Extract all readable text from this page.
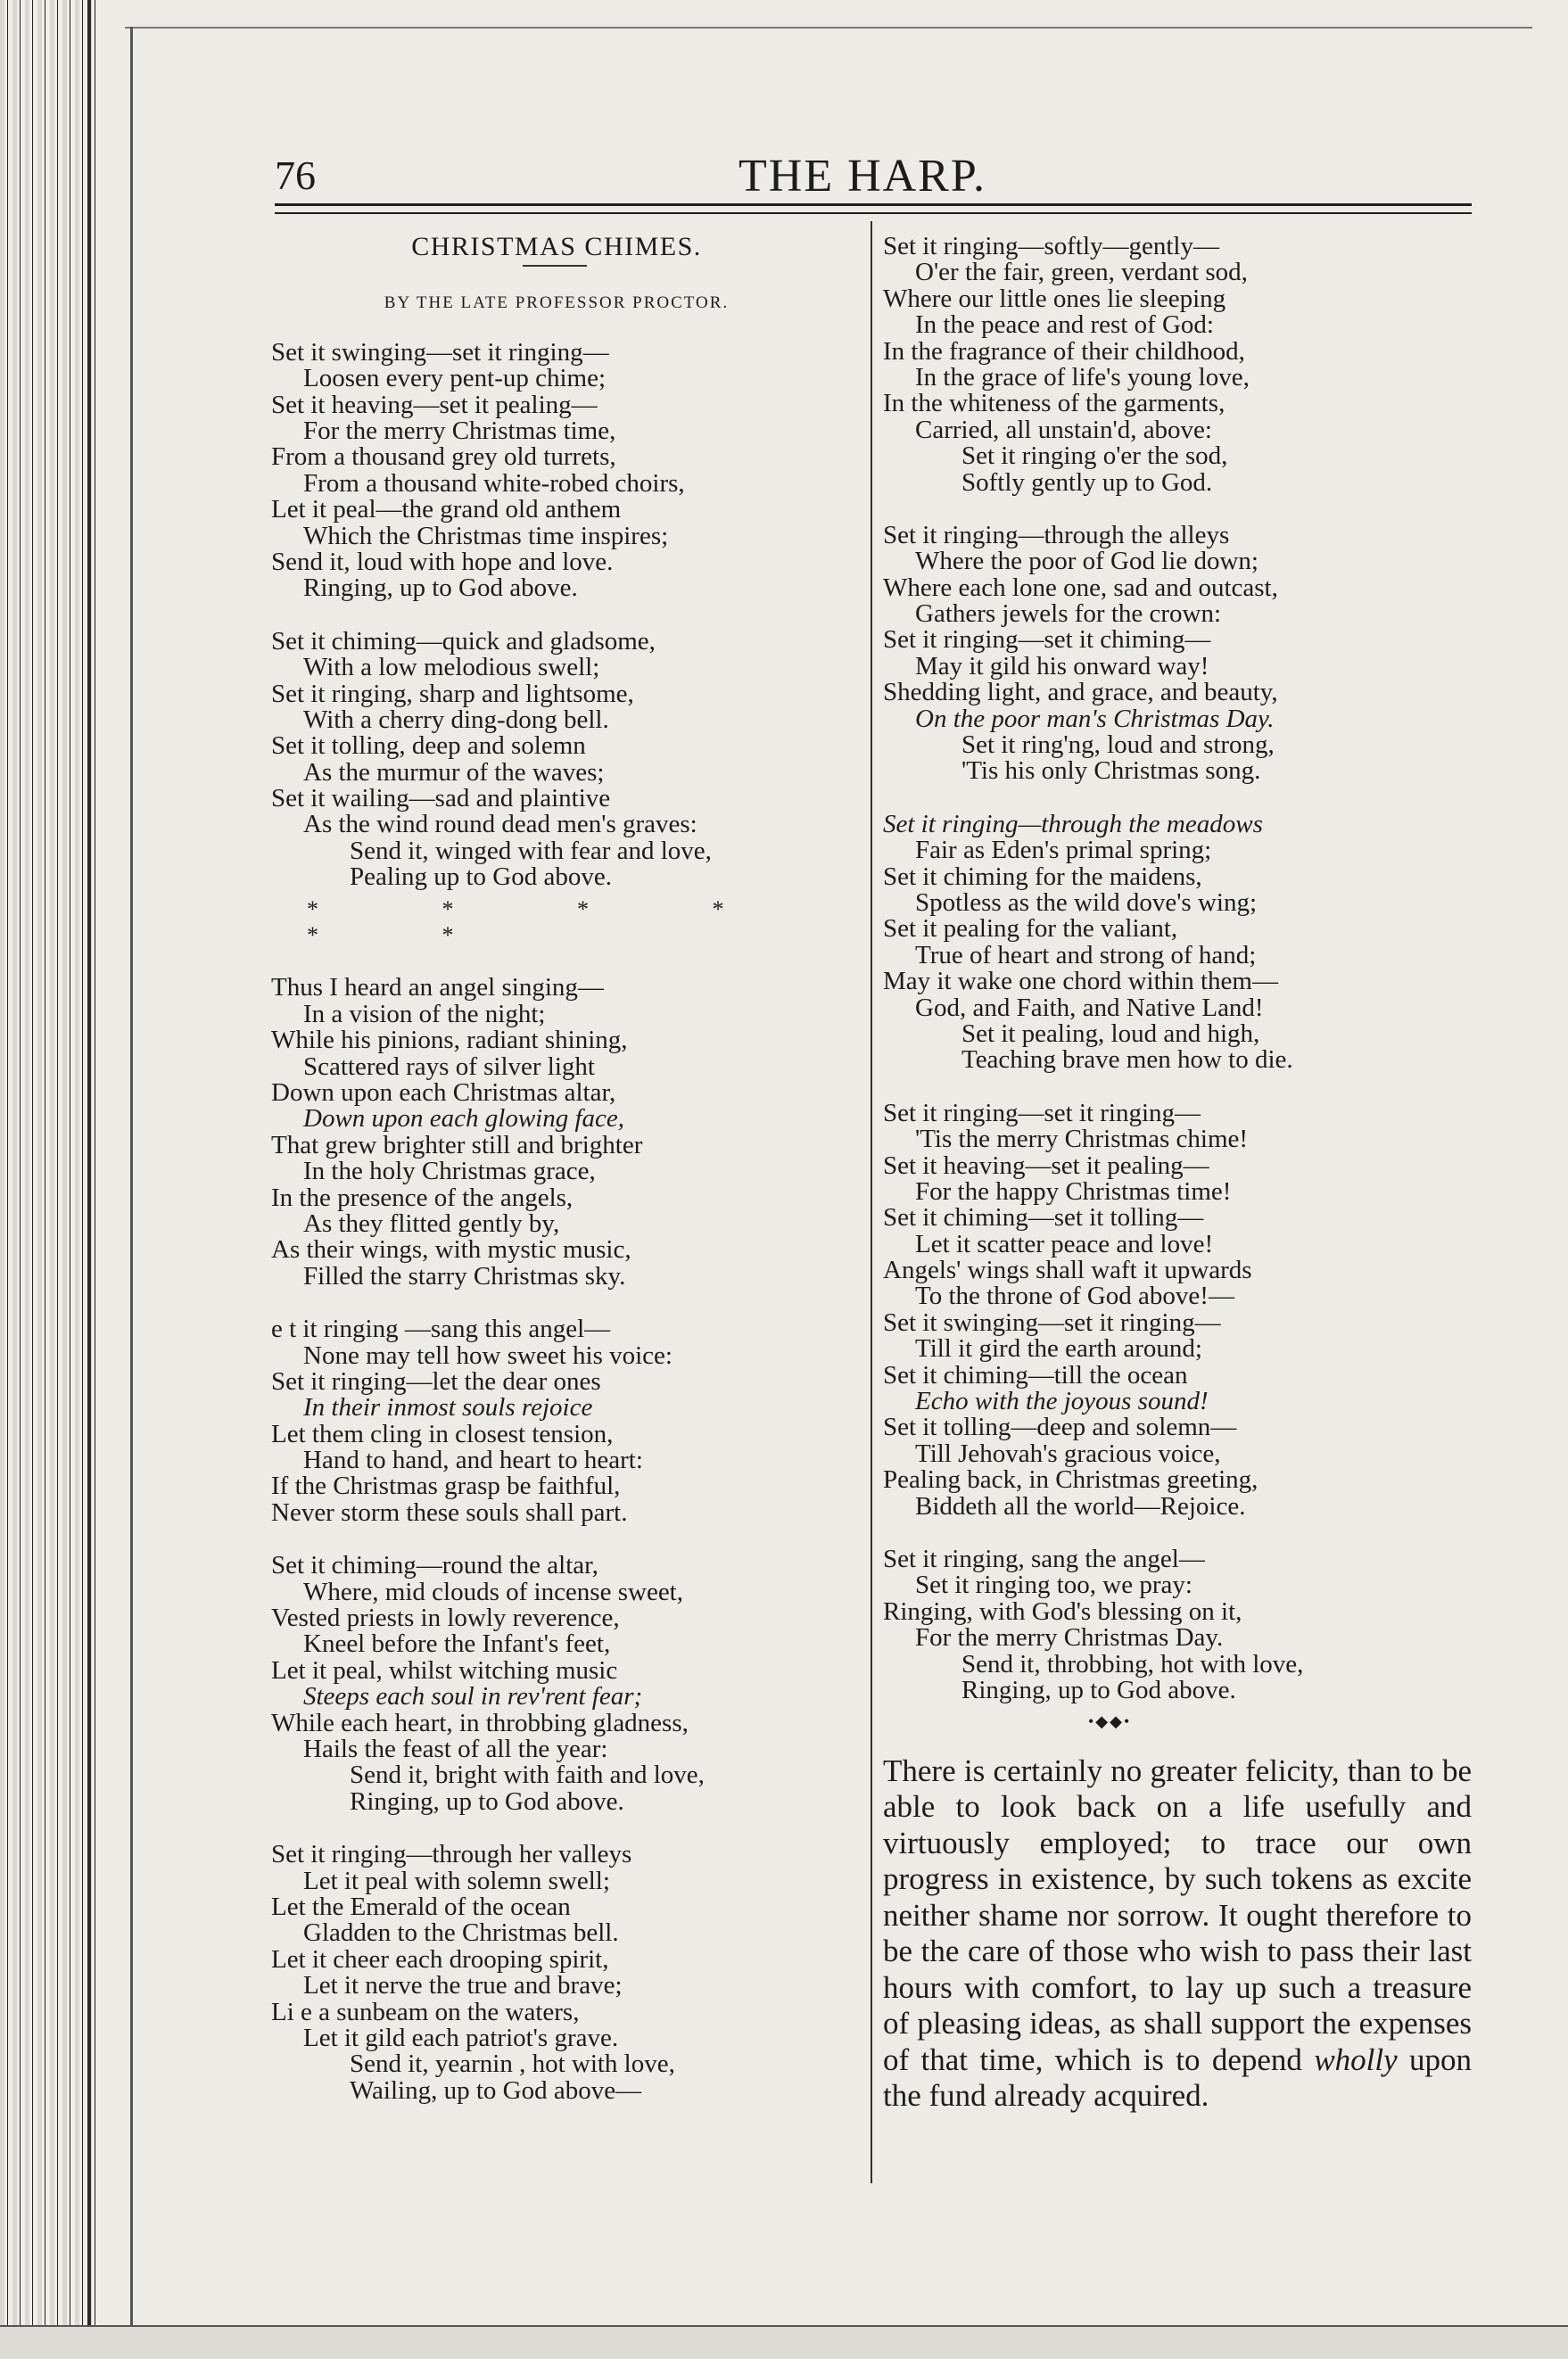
76	THE HARP.
CHRISTMAS CHIMES.
BY THE LATE PROFESSOR PROCTOR.
Set it swinging—set it ringing—
Loosen every pent-up chime;
Set it heaving—set it pealing—
For the merry Christmas time,
From a thousand grey old turrets,
From a thousand white-robed choirs,
Let it peal—the grand old anthem
Which the Christmas time inspires;
Send it, loud with hope and love.
Ringing, up to God above.
Set it chiming—quick and gladsome,
With a low melodious swell;
Set it ringing, sharp and lightsome,
With a cherry ding-dong bell.
Set it tolling, deep and solemn
As the murmur of the waves;
Set it wailing—sad and plaintive
As the wind round dead men's graves:
Send it, winged with fear and love,
Pealing up to God above.
* * * * * *
Thus I heard an angel singing—
In a vision of the night;
While his pinions, radiant shining,
Scattered rays of silver light
Down upon each Christmas altar,
Down upon each glowing face,
That grew brighter still and brighter
In the holy Christmas grace,
In the presence of the angels,
As they flitted gently by,
As their wings, with mystic music,
Filled the starry Christmas sky.
e t it ringing —sang this angel—
None may tell how sweet his voice:
Set it ringing—let the dear ones
In their inmost souls rejoice
Let them cling in closest tension,
Hand to hand, and heart to heart:
If the Christmas grasp be faithful,
Never storm these souls shall part.
Set it chiming—round the altar,
Where, mid clouds of incense sweet,
Vested priests in lowly reverence,
Kneel before the Infant's feet,
Let it peal, whilst witching music
Steeps each soul in rev'rent fear;
While each heart, in throbbing gladness,
Hails the feast of all the year:
Send it, bright with faith and love,
Ringing, up to God above.
Set it ringing—through her valleys
Let it peal with solemn swell;
Let the Emerald of the ocean
Gladden to the Christmas bell.
Let it cheer each drooping spirit,
Let it nerve the true and brave;
Li e a sunbeam on the waters,
Let it gild each patriot's grave.
Send it, yearnin , hot with love,
Wailing, up to God above—
Set it ringing—softly—gently—
O'er the fair, green, verdant sod,
Where our little ones lie sleeping
In the peace and rest of God:
In the fragrance of their childhood,
In the grace of life's young love,
In the whiteness of the garments,
Carried, all unstain'd, above:
Set it ringing o'er the sod,
Softly gently up to God.
Set it ringing—through the alleys
Where the poor of God lie down;
Where each lone one, sad and outcast,
Gathers jewels for the crown:
Set it ringing—set it chiming—
May it gild his onward way!
Shedding light, and grace, and beauty,
On the poor man's Christmas Day.
Set it ring'ng, loud and strong,
'Tis his only Christmas song.
Set it ringing—through the meadows
Fair as Eden's primal spring;
Set it chiming for the maidens,
Spotless as the wild dove's wing;
Set it pealing for the valiant,
True of heart and strong of hand;
May it wake one chord within them—
God, and Faith, and Native Land!
Set it pealing, loud and high,
Teaching brave men how to die.
Set it ringing—set it ringing—
'Tis the merry Christmas chime!
Set it heaving—set it pealing—
For the happy Christmas time!
Set it chiming—set it tolling—
Let it scatter peace and love!
Angels' wings shall waft it upwards
To the throne of God above!—
Set it swinging—set it ringing—
Till it gird the earth around;
Set it chiming—till the ocean
Echo with the joyous sound!
Set it tolling—deep and solemn—
Till Jehovah's gracious voice,
Pealing back, in Christmas greeting,
Biddeth all the world—Rejoice.
Set it ringing, sang the angel—
Set it ringing too, we pray:
Ringing, with God's blessing on it,
For the merry Christmas Day.
Send it, throbbing, hot with love,
Ringing, up to God above.
•◆◆•
There is certainly no greater felicity, than to be able to look back on a life usefully and virtuously employed; to trace our own progress in existence, by such tokens as excite neither shame nor sorrow. It ought therefore to be the care of those who wish to pass their last hours with comfort, to lay up such a treasure of pleasing ideas, as shall support the expenses of that time, which is to depend wholly upon the fund already acquired.
